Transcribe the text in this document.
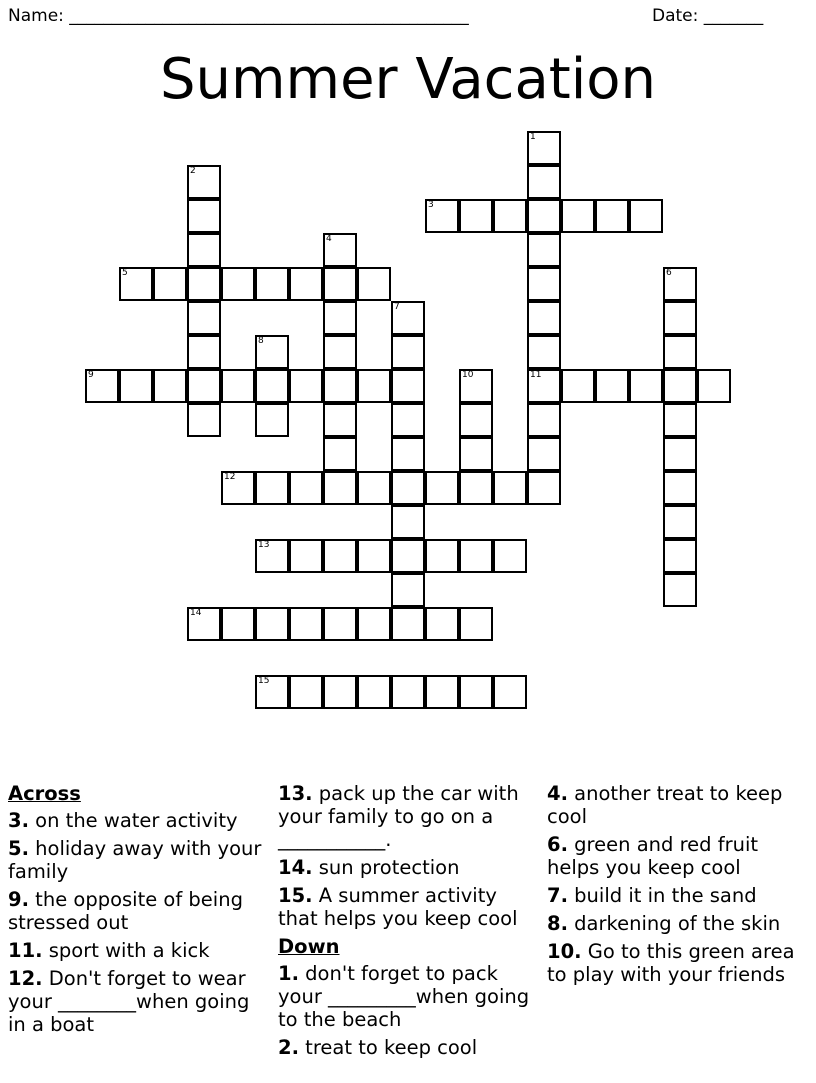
Name: _______________________________________________	Date: _______
Summer Vacation
1
2
3
4
5	6
7
8
9	10	11
12
13
14
15
Across
3. on the water activity
5. holiday away with your family
9. the opposite of being stressed out
11. sport with a kick
12. Don't forget to wear your ________when going in a boat
13. pack up the car with your family to go on a ___________.
14. sun protection
15. A summer activity that helps you keep cool
Down
1. don't forget to pack your _________when going to the beach
2. treat to keep cool
4. another treat to keep cool
6. green and red fruit helps you keep cool
7. build it in the sand
8. darkening of the skin
10. Go to this green area to play with your friends
